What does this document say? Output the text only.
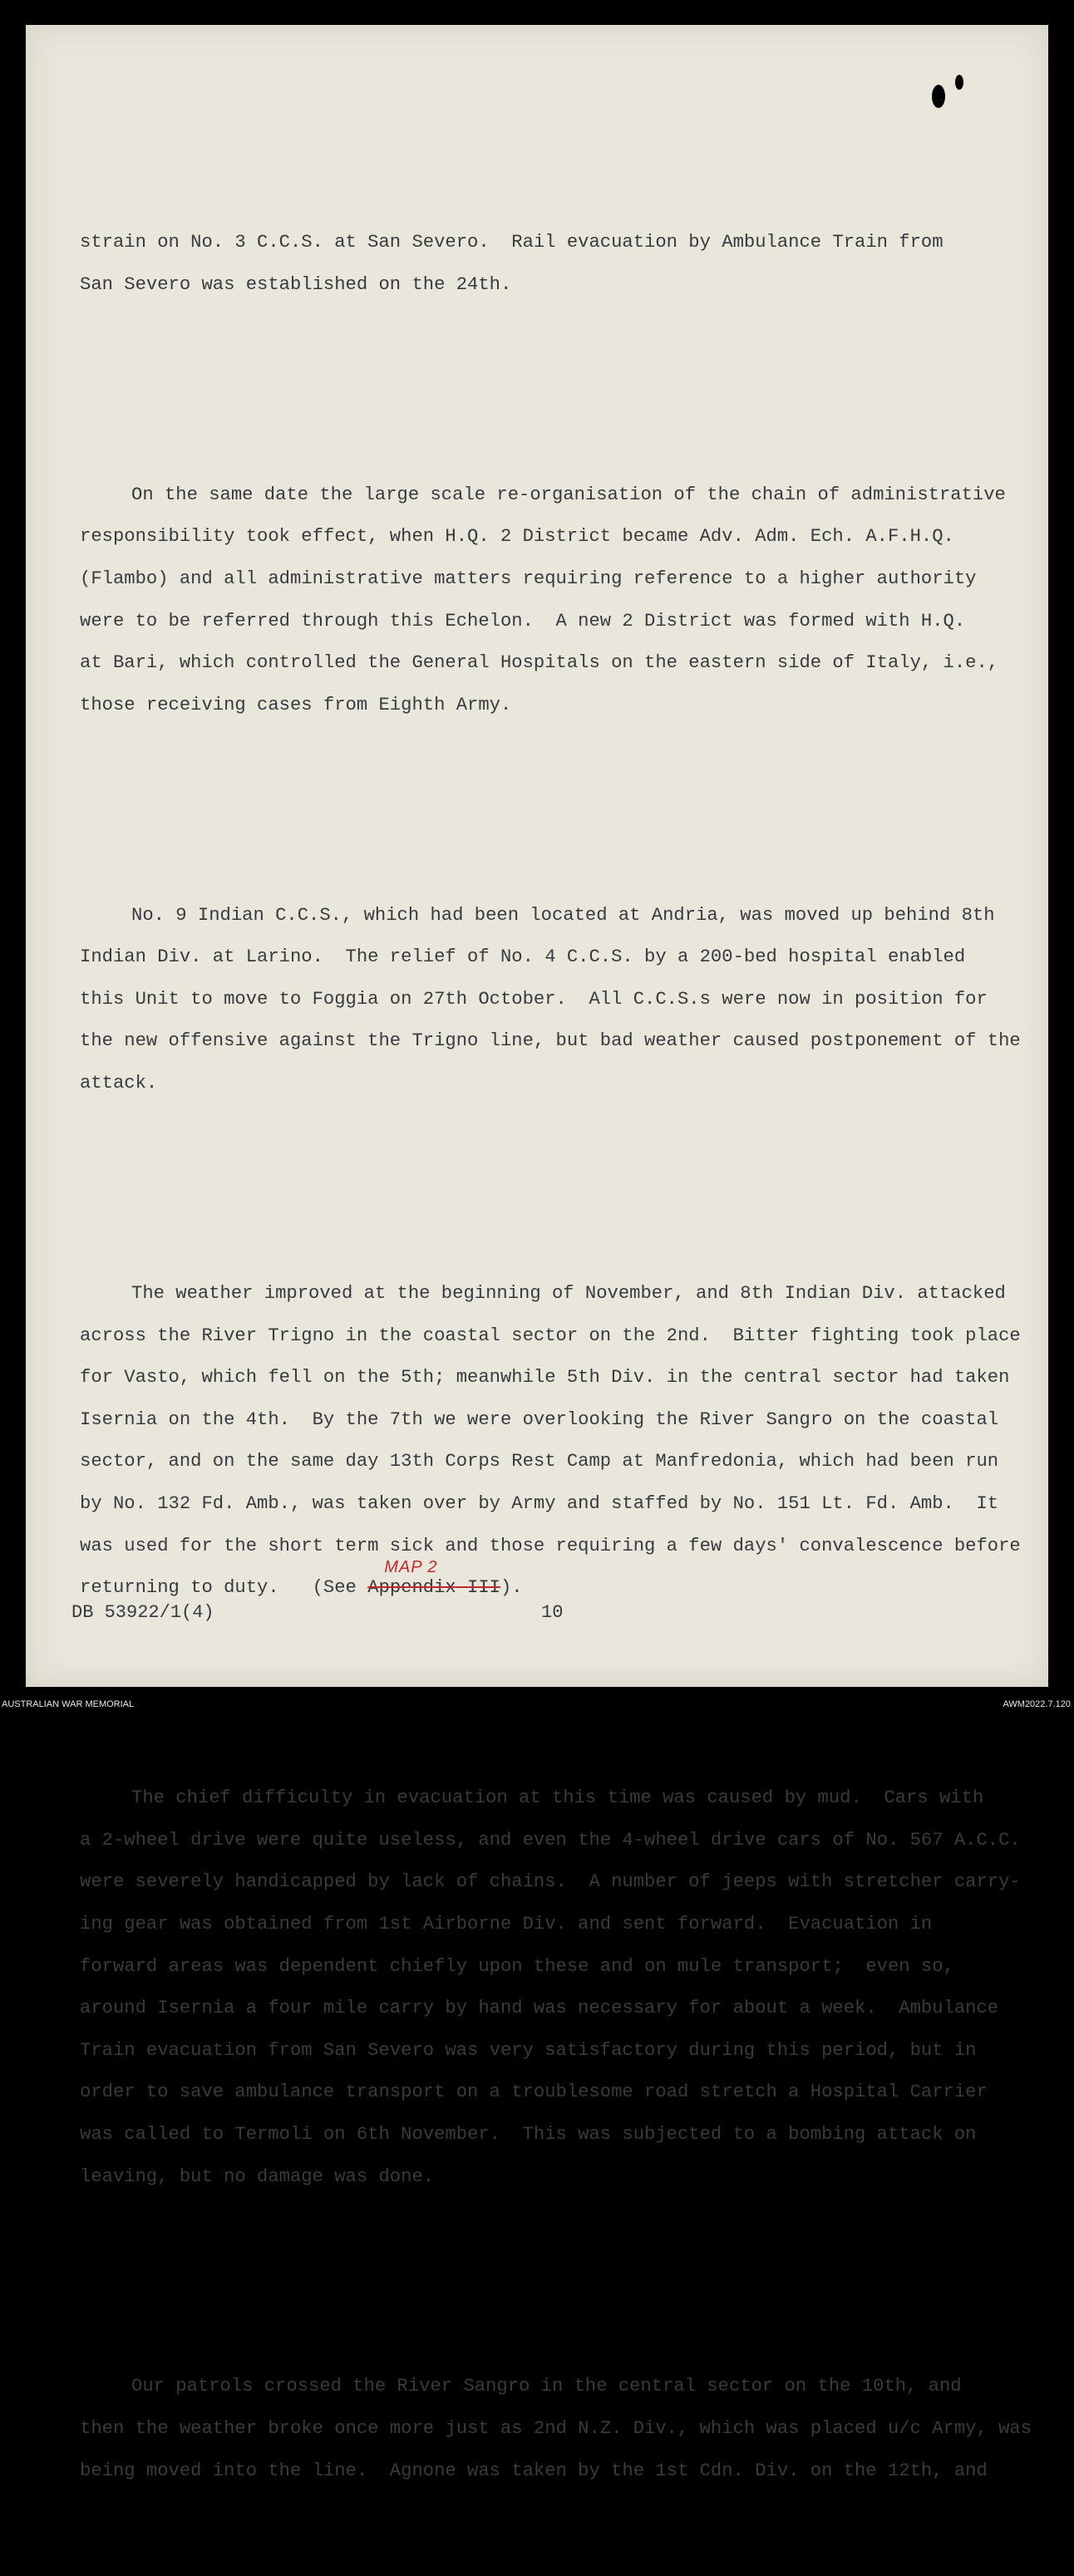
strain on No. 3 C.C.S. at San Severo.  Rail evacuation by Ambulance Train from
San Severo was established on the 24th.

On the same date the large scale re-organisation of the chain of administrative
responsibility took effect, when H.Q. 2 District became Adv. Adm. Ech. A.F.H.Q.
(Flambo) and all administrative matters requiring reference to a higher authority
were to be referred through this Echelon.  A new 2 District was formed with H.Q.
at Bari, which controlled the General Hospitals on the eastern side of Italy, i.e.,
those receiving cases from Eighth Army.

No. 9 Indian C.C.S., which had been located at Andria, was moved up behind 8th
Indian Div. at Larino.  The relief of No. 4 C.C.S. by a 200-bed hospital enabled
this Unit to move to Foggia on 27th October.  All C.C.S.s were now in position for
the new offensive against the Trigno line, but bad weather caused postponement of the
attack.

The weather improved at the beginning of November, and 8th Indian Div. attacked
across the River Trigno in the coastal sector on the 2nd.  Bitter fighting took place
for Vasto, which fell on the 5th; meanwhile 5th Div. in the central sector had taken
Isernia on the 4th.  By the 7th we were overlooking the River Sangro on the coastal
sector, and on the same day 13th Corps Rest Camp at Manfredonia, which had been run
by No. 132 Fd. Amb., was taken over by Army and staffed by No. 151 Lt. Fd. Amb.  It
was used for the short term sick and those requiring a few days' convalescence before
returning to duty.   (See
MAP 2
Appendix III).

The chief difficulty in evacuation at this time was caused by mud.  Cars with
a 2-wheel drive were quite useless, and even the 4-wheel drive cars of No. 567 A.C.C.
were severely handicapped by lack of chains.  A number of jeeps with stretcher carry-
ing gear was obtained from 1st Airborne Div. and sent forward.  Evacuation in
forward areas was dependent chiefly upon these and on mule transport;  even so,
around Isernia a four mile carry by hand was necessary for about a week.  Ambulance
Train evacuation from San Severo was very satisfactory during this period, but in
order to save ambulance transport on a troublesome road stretch a Hospital Carrier
was called to Termoli on 6th November.  This was subjected to a bombing attack on
leaving, but no damage was done.

Our patrols crossed the River Sangro in the central sector on the 10th, and
then the weather broke once more just as 2nd N.Z. Div., which was placed u/c Army, was
being moved into the line.  Agnone was taken by the 1st Cdn. Div. on the 12th, and

DB 53922/1(4)	10
AUSTRALIAN WAR MEMORIAL	AWM2022.7.120
